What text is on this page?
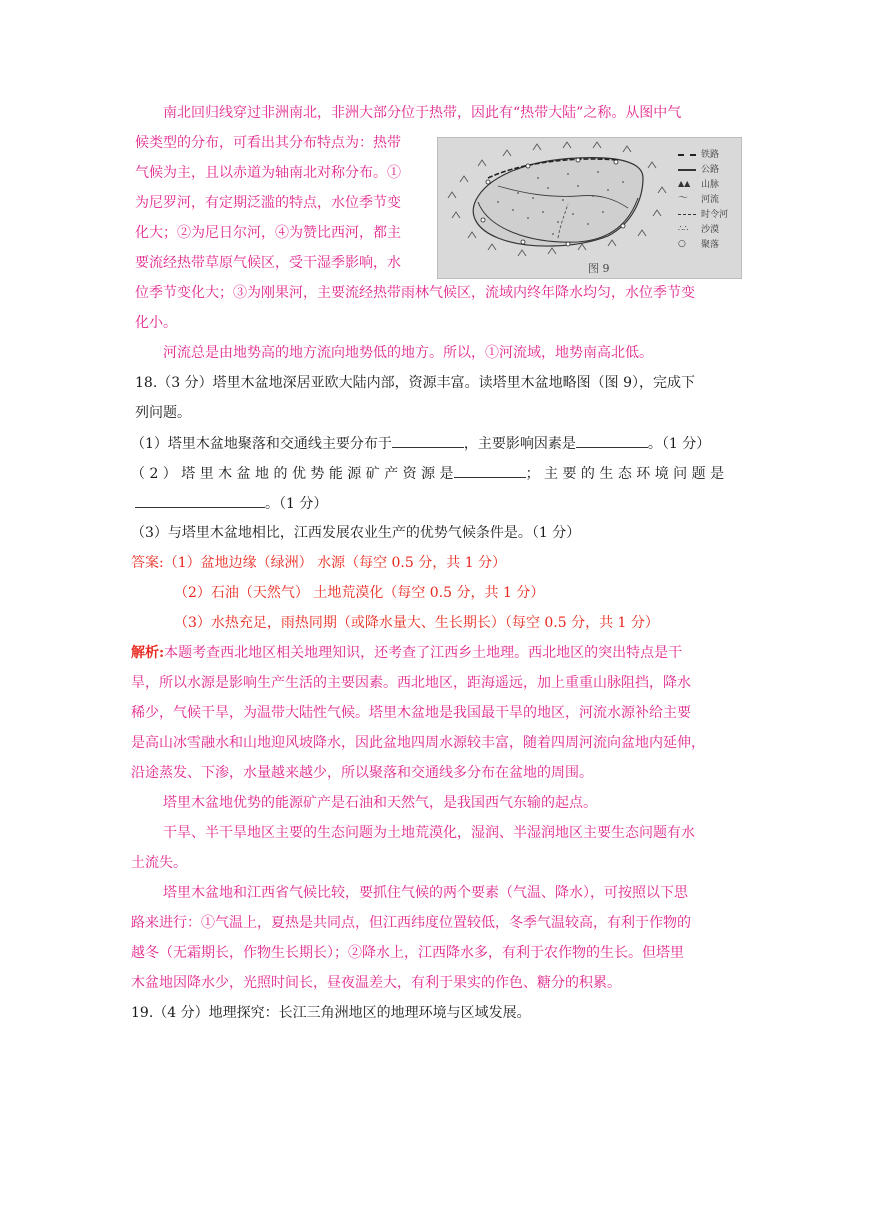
南北回归线穿过非洲南北，非洲大部分位于热带，因此有“热带大陆”之称。从图中气
候类型的分布，可看出其分布特点为：热带
气候为主，且以赤道为轴南北对称分布。①
为尼罗河，有定期泛滥的特点，水位季节变
化大；②为尼日尔河，④为赞比西河，都主
要流经热带草原气候区，受干湿季影响，水
位季节变化大；③为刚果河，主要流经热带雨林气候区，流域内终年降水均匀，水位季节变
化小。
河流总是由地势高的地方流向地势低的地方。所以，①河流域，地势南高北低。
铁路
公路
▲▲	山脉
～	河流
时令河
∴∴	沙漠
○	聚落
图 9
18.（3 分）塔里木盆地深居亚欧大陆内部，资源丰富。读塔里木盆地略图（图 9），完成下
列问题。
（1）塔里木盆地聚落和交通线主要分布于	，主要影响因素是	。（1 分）
（ 2 ） 塔 里 木 盆 地 的 优 势 能 源 矿 产 资 源 是	； 主 要 的 生 态 环 境 问 题 是
。（1 分）
（3）与塔里木盆地相比，江西发展农业生产的优势气候条件是。（1 分）
答案:（1）盆地边缘（绿洲） 水源（每空 0.5 分，共 1 分）
（2）石油（天然气） 土地荒漠化（每空 0.5 分，共 1 分）
（3）水热充足，雨热同期（或降水量大、生长期长）（每空 0.5 分，共 1 分）
解析:本题考查西北地区相关地理知识，还考查了江西乡土地理。西北地区的突出特点是干
旱，所以水源是影响生产生活的主要因素。西北地区，距海遥远，加上重重山脉阻挡，降水
稀少，气候干旱，为温带大陆性气候。塔里木盆地是我国最干旱的地区，河流水源补给主要
是高山冰雪融水和山地迎风坡降水，因此盆地四周水源较丰富，随着四周河流向盆地内延伸，
沿途蒸发、下渗，水量越来越少，所以聚落和交通线多分布在盆地的周围。
塔里木盆地优势的能源矿产是石油和天然气，是我国西气东输的起点。
干旱、半干旱地区主要的生态问题为土地荒漠化，湿润、半湿润地区主要生态问题有水
土流失。
塔里木盆地和江西省气候比较，要抓住气候的两个要素（气温、降水），可按照以下思
路来进行：①气温上，夏热是共同点，但江西纬度位置较低，冬季气温较高，有利于作物的
越冬（无霜期长，作物生长期长）；②降水上，江西降水多，有利于农作物的生长。但塔里
木盆地因降水少，光照时间长，昼夜温差大，有利于果实的作色、糖分的积累。
19.（4 分）地理探究：长江三角洲地区的地理环境与区域发展。
